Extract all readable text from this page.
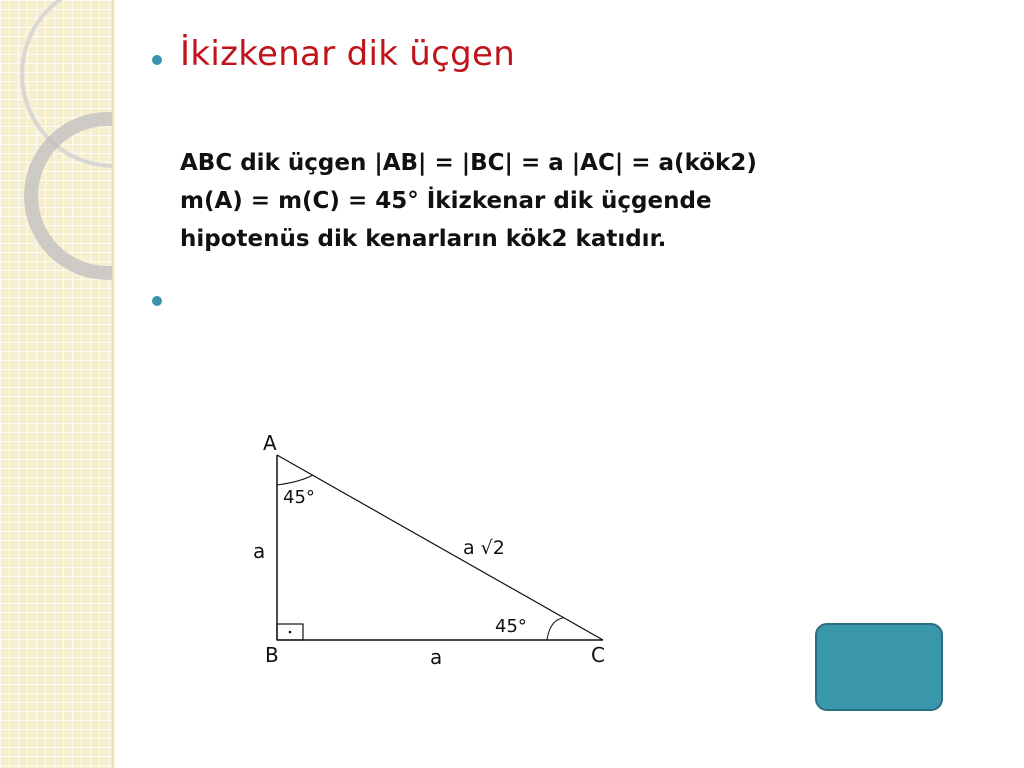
İkizkenar dik üçgen
ABC dik üçgen |AB| = |BC| = a |AC| = a(kök2)
m(A) = m(C) = 45° İkizkenar dik üçgende
hipotenüs dik kenarların kök2 katıdır.
A
B	C
a
a
a √2
45°
45°
